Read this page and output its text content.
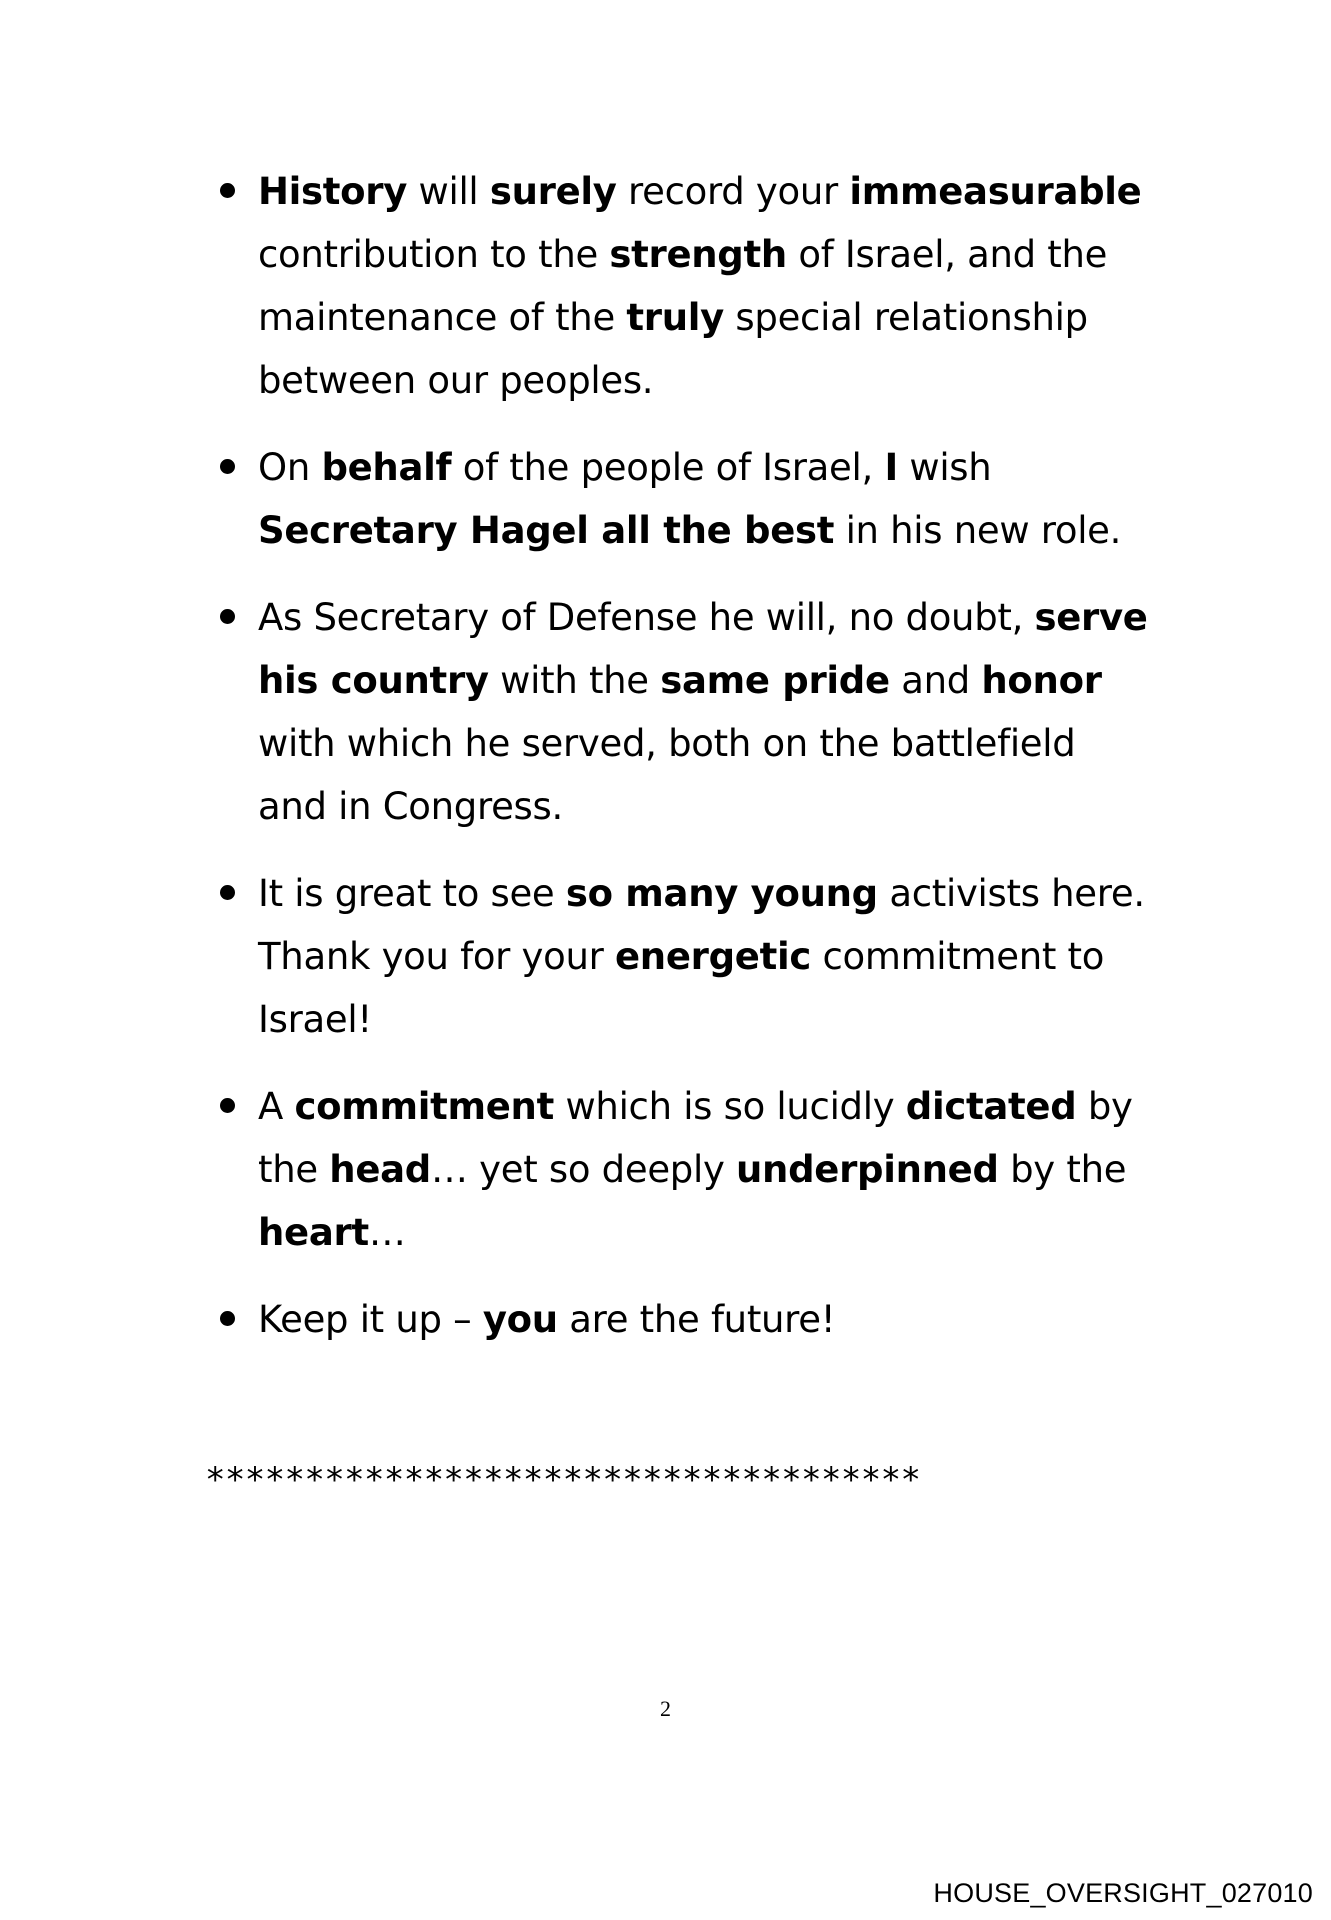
History will surely record your immeasurable contribution to the strength of Israel, and the maintenance of the truly special relationship between our peoples.
On behalf of the people of Israel, I wish Secretary Hagel all the best in his new role.
As Secretary of Defense he will, no doubt, serve his country with the same pride and honor with which he served, both on the battlefield and in Congress.
It is great to see so many young activists here. Thank you for your energetic commitment to Israel!
A commitment which is so lucidly dictated by the head… yet so deeply underpinned by the heart…
Keep it up – you are the future!
************************************
2
HOUSE_OVERSIGHT_027010
